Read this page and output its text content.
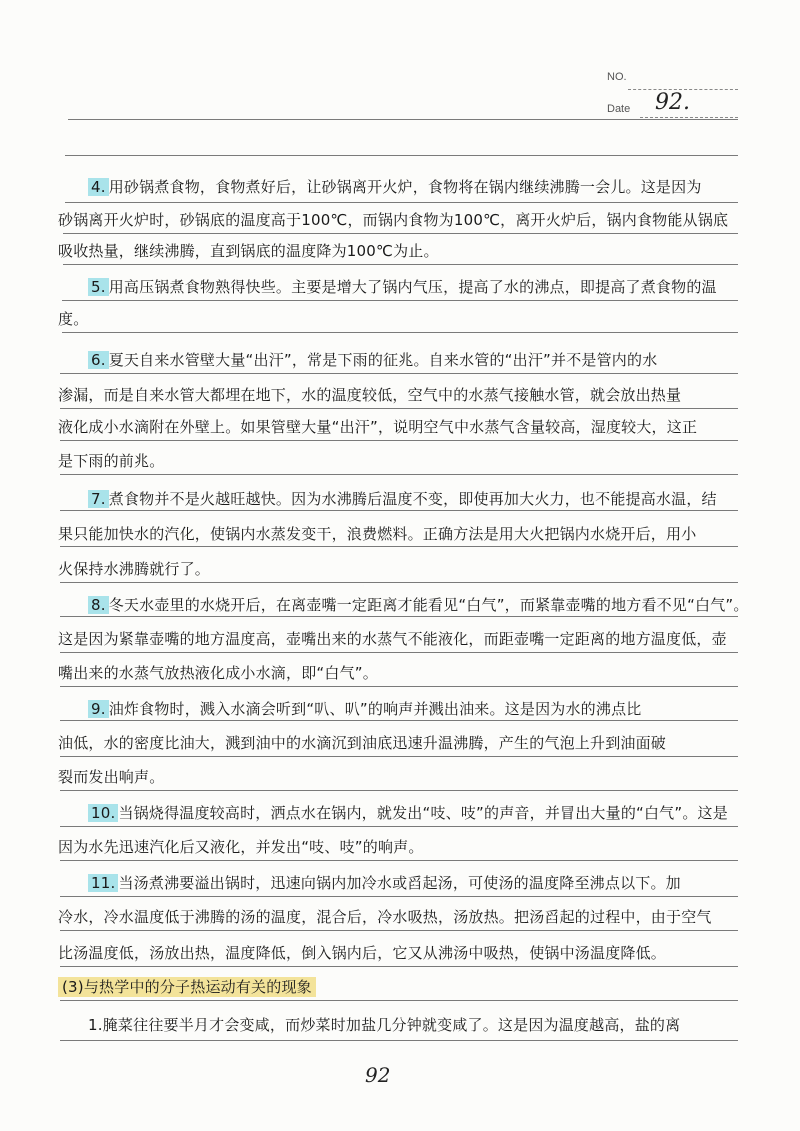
NO.
Date 92.
4. 用砂锅煮食物，食物煮好后，让砂锅离开火炉，食物将在锅内继续沸腾一会儿。这是因为
砂锅离开火炉时，砂锅底的温度高于100℃，而锅内食物为100℃，离开火炉后，锅内食物能从锅底
吸收热量，继续沸腾，直到锅底的温度降为100℃为止。
5. 用高压锅煮食物熟得快些。主要是增大了锅内气压，提高了水的沸点，即提高了煮食物的温
度。
6. 夏天自来水管壁大量“出汗”，常是下雨的征兆。自来水管的“出汗”并不是管内的水
渗漏，而是自来水管大都埋在地下，水的温度较低，空气中的水蒸气接触水管，就会放出热量
液化成小水滴附在外壁上。如果管壁大量“出汗”，说明空气中水蒸气含量较高，湿度较大，这正
是下雨的前兆。
7. 煮食物并不是火越旺越快。因为水沸腾后温度不变，即使再加大火力，也不能提高水温，结
果只能加快水的汽化，使锅内水蒸发变干，浪费燃料。正确方法是用大火把锅内水烧开后，用小
火保持水沸腾就行了。
8. 冬天水壶里的水烧开后，在离壶嘴一定距离才能看见“白气”，而紧靠壶嘴的地方看不见“白气”。
这是因为紧靠壶嘴的地方温度高，壶嘴出来的水蒸气不能液化，而距壶嘴一定距离的地方温度低，壶
嘴出来的水蒸气放热液化成小水滴，即“白气”。
9. 油炸食物时，溅入水滴会听到“叭、叭”的响声并溅出油来。这是因为水的沸点比
油低，水的密度比油大，溅到油中的水滴沉到油底迅速升温沸腾，产生的气泡上升到油面破
裂而发出响声。
10. 当锅烧得温度较高时，洒点水在锅内，就发出“吱、吱”的声音，并冒出大量的“白气”。这是
因为水先迅速汽化后又液化，并发出“吱、吱”的响声。
11. 当汤煮沸要溢出锅时，迅速向锅内加冷水或舀起汤，可使汤的温度降至沸点以下。加
冷水，冷水温度低于沸腾的汤的温度，混合后，冷水吸热，汤放热。把汤舀起的过程中，由于空气
比汤温度低，汤放出热，温度降低，倒入锅内后，它又从沸汤中吸热，使锅中汤温度降低。
(3)与热学中的分子热运动有关的现象
1.腌菜往往要半月才会变咸，而炒菜时加盐几分钟就变咸了。这是因为温度越高，盐的离
92
